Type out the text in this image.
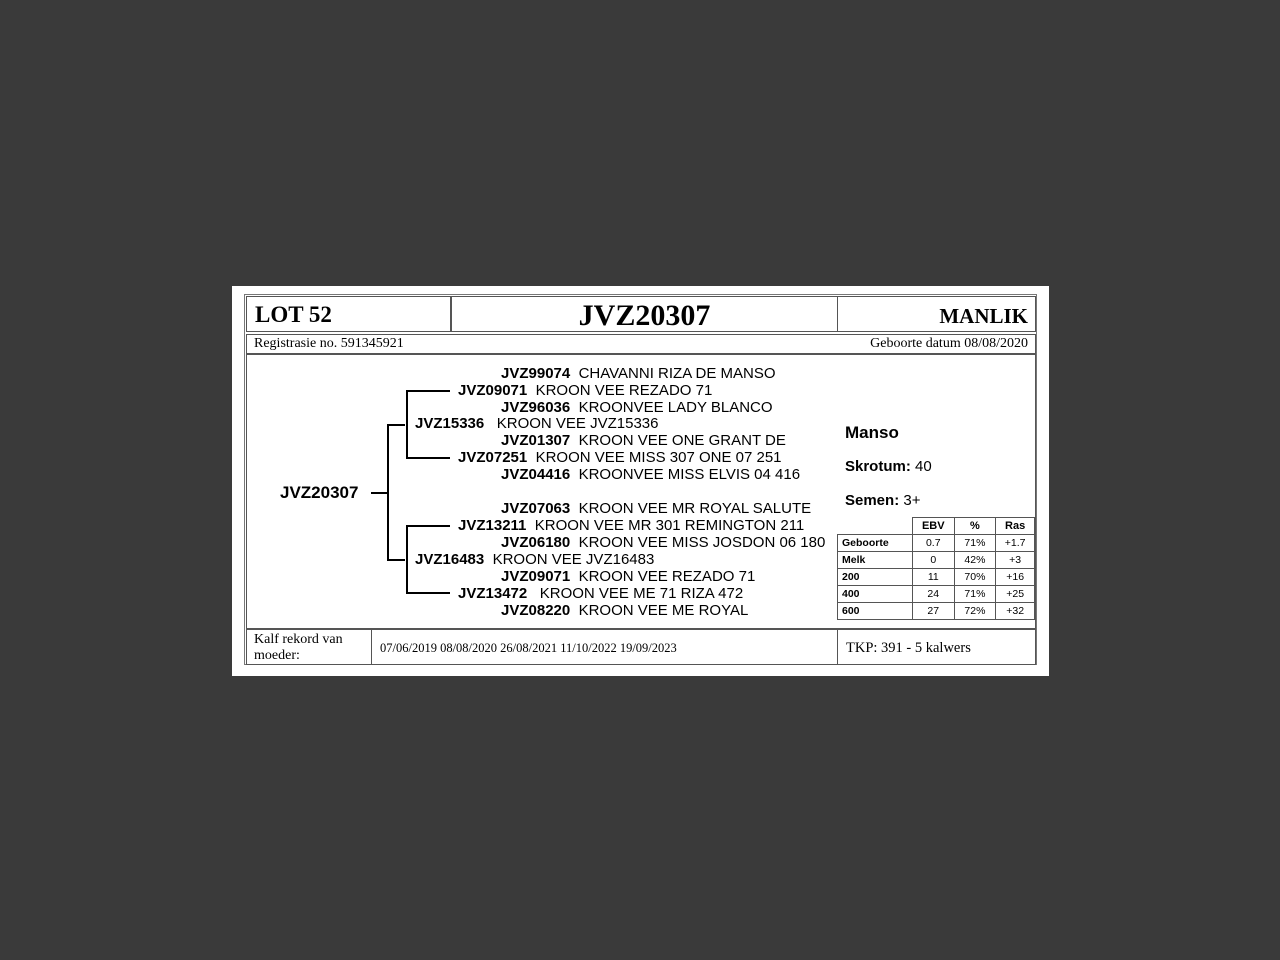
LOT 52	JVZ20307	MANLIK
Registrasie no. 591345921	Geboorte datum 08/08/2020
JVZ20307
JVZ15336 KROON VEE JVZ15336
JVZ09071 KROON VEE REZADO 71
JVZ07251 KROON VEE MISS 307 ONE 07 251
JVZ99074 CHAVANNI RIZA DE MANSO
JVZ96036 KROONVEE LADY BLANCO
JVZ01307 KROON VEE ONE GRANT DE
JVZ04416 KROONVEE MISS ELVIS 04 416
JVZ16483 KROON VEE JVZ16483
JVZ13211 KROON VEE MR 301 REMINGTON 211
JVZ13472 KROON VEE ME 71 RIZA 472
JVZ07063 KROON VEE MR ROYAL SALUTE
JVZ06180 KROON VEE MISS JOSDON 06 180
JVZ09071 KROON VEE REZADO 71
JVZ08220 KROON VEE ME ROYAL
Manso
Skrotum: 40
Semen: 3+
	EBV	%	Ras
Geboorte	0.7	71%	+1.7
Melk	0	42%	+3
200	11	70%	+16
400	24	71%	+25
600	27	72%	+32
Kalf rekord van moeder:	07/06/2019 08/08/2020 26/08/2021 11/10/2022 19/09/2023	TKP: 391 - 5 kalwers
